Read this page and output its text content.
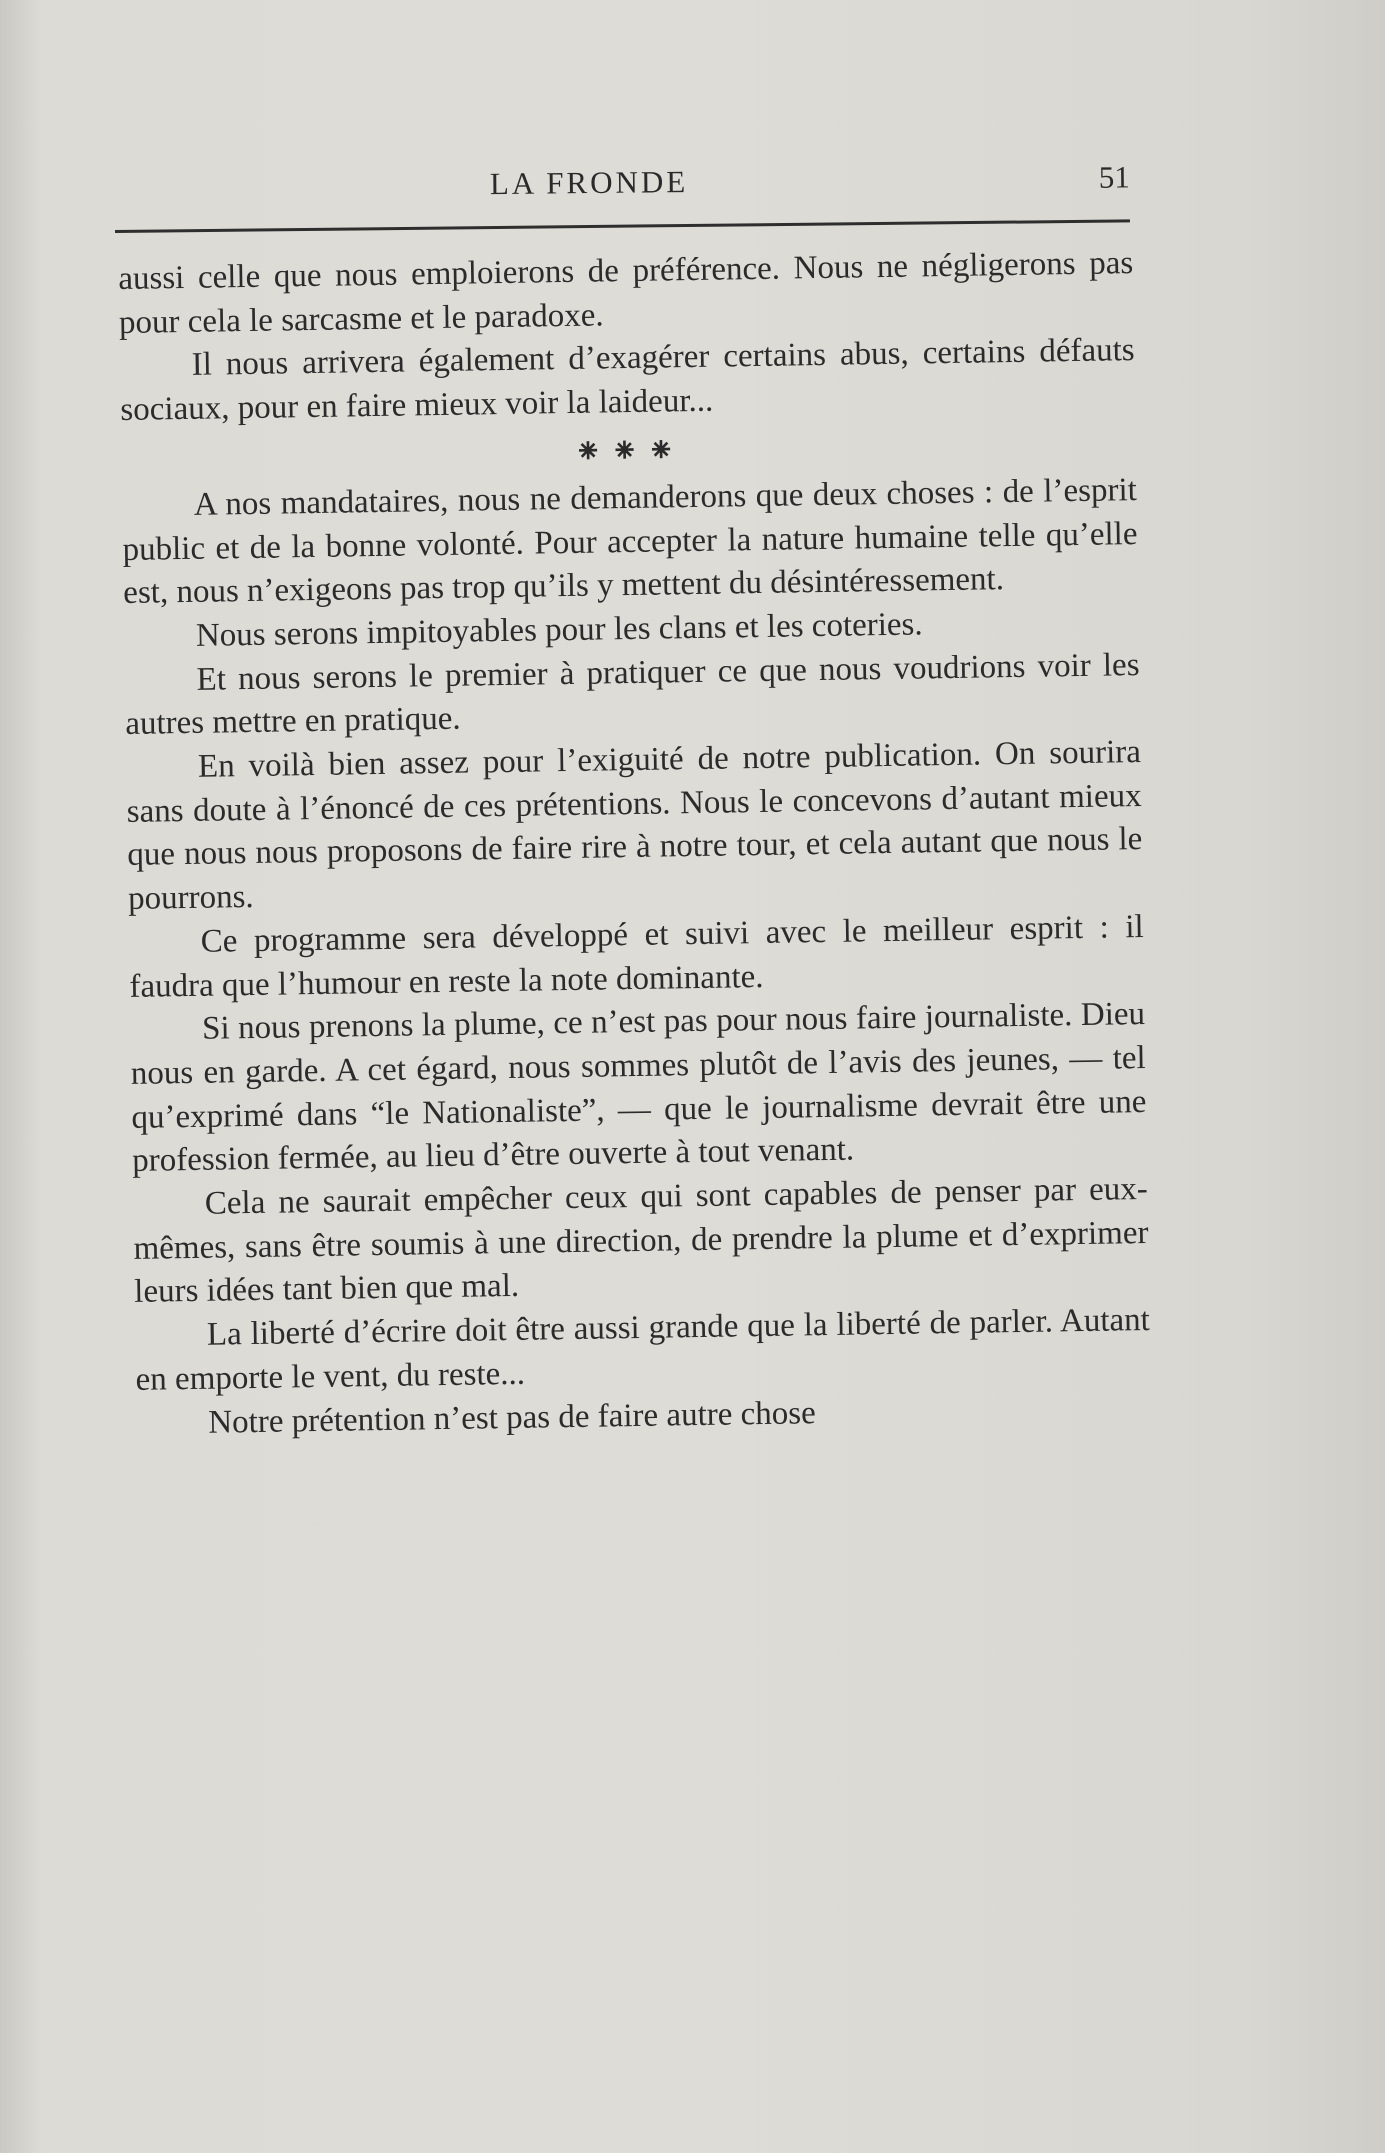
LA FRONDE	51

aussi celle que nous emploierons de préférence. Nous ne négligerons pas pour cela le sarcasme et le paradoxe.

Il nous arrivera également d’exagérer certains abus, certains défauts sociaux, pour en faire mieux voir la laideur...

⁕⁕⁕

A nos mandataires, nous ne demanderons que deux choses : de l’esprit public et de la bonne volonté. Pour accepter la nature humaine telle qu’elle est, nous n’exigeons pas trop qu’ils y mettent du désintéressement.

Nous serons impitoyables pour les clans et les coteries.

Et nous serons le premier à pratiquer ce que nous voudrions voir les autres mettre en pratique.

En voilà bien assez pour l’exiguité de notre publication. On sourira sans doute à l’énoncé de ces prétentions. Nous le concevons d’autant mieux que nous nous proposons de faire rire à notre tour, et cela autant que nous le pourrons.

Ce programme sera développé et suivi avec le meilleur esprit : il faudra que l’humour en reste la note dominante.

Si nous prenons la plume, ce n’est pas pour nous faire journaliste. Dieu nous en garde. A cet égard, nous sommes plutôt de l’avis des jeunes, — tel qu’exprimé dans “le Nationaliste”, — que le journalisme devrait être une profession fermée, au lieu d’être ouverte à tout venant.

Cela ne saurait empêcher ceux qui sont capables de penser par eux-mêmes, sans être soumis à une direction, de prendre la plume et d’exprimer leurs idées tant bien que mal.

La liberté d’écrire doit être aussi grande que la liberté de parler. Autant en emporte le vent, du reste...

Notre prétention n’est pas de faire autre chose
